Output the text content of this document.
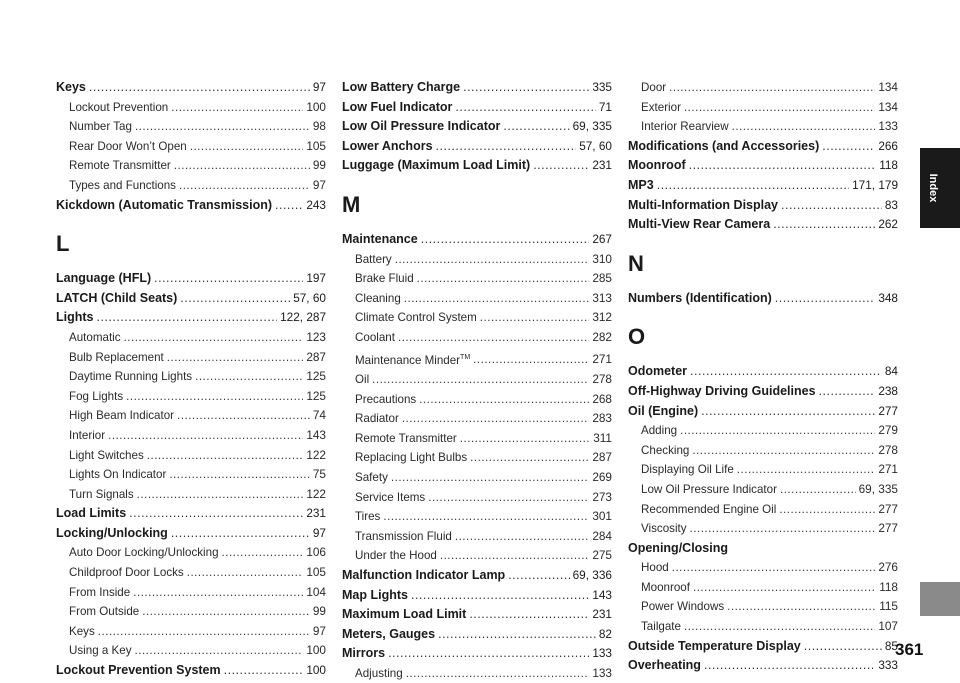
Keys .....	97
Lockout Prevention .....	100
Number Tag .....	98
Rear Door Won’t Open .....	105
Remote Transmitter .....	99
Types and Functions .....	97
Kickdown (Automatic Transmission) .....	243
L
Language (HFL) .....	197
LATCH (Child Seats) .....	57, 60
Lights .....	122, 287
Automatic .....	123
Bulb Replacement .....	287
Daytime Running Lights .....	125
Fog Lights .....	125
High Beam Indicator .....	74
Interior .....	143
Light Switches .....	122
Lights On Indicator .....	75
Turn Signals .....	122
Load Limits .....	231
Locking/Unlocking .....	97
Auto Door Locking/Unlocking .....	106
Childproof Door Locks .....	105
From Inside .....	104
From Outside .....	99
Keys .....	97
Using a Key .....	100
Lockout Prevention System .....	100
Low Battery Charge .....	335
Low Fuel Indicator .....	71
Low Oil Pressure Indicator .....	69, 335
Lower Anchors .....	57, 60
Luggage (Maximum Load Limit) .....	231
M
Maintenance .....	267
Battery .....	310
Brake Fluid .....	285
Cleaning .....	313
Climate Control System .....	312
Coolant .....	282
Maintenance Minder™ .....	271
Oil .....	278
Precautions .....	268
Radiator .....	283
Remote Transmitter .....	311
Replacing Light Bulbs .....	287
Safety .....	269
Service Items .....	273
Tires .....	301
Transmission Fluid .....	284
Under the Hood .....	275
Malfunction Indicator Lamp .....	69, 336
Map Lights .....	143
Maximum Load Limit .....	231
Meters, Gauges .....	82
Mirrors .....	133
Adjusting .....	133
Door .....	134
Exterior .....	134
Interior Rearview .....	133
Modifications (and Accessories) .....	266
Moonroof .....	118
MP3 .....	171, 179
Multi-Information Display .....	83
Multi-View Rear Camera .....	262
N
Numbers (Identification) .....	348
O
Odometer .....	84
Off-Highway Driving Guidelines .....	238
Oil (Engine) .....	277
Adding .....	279
Checking .....	278
Displaying Oil Life .....	271
Low Oil Pressure Indicator .....	69, 335
Recommended Engine Oil .....	277
Viscosity .....	277
Opening/Closing
Hood .....	276
Moonroof .....	118
Power Windows .....	115
Tailgate .....	107
Outside Temperature Display .....	85
Overheating .....	333
Index
361
